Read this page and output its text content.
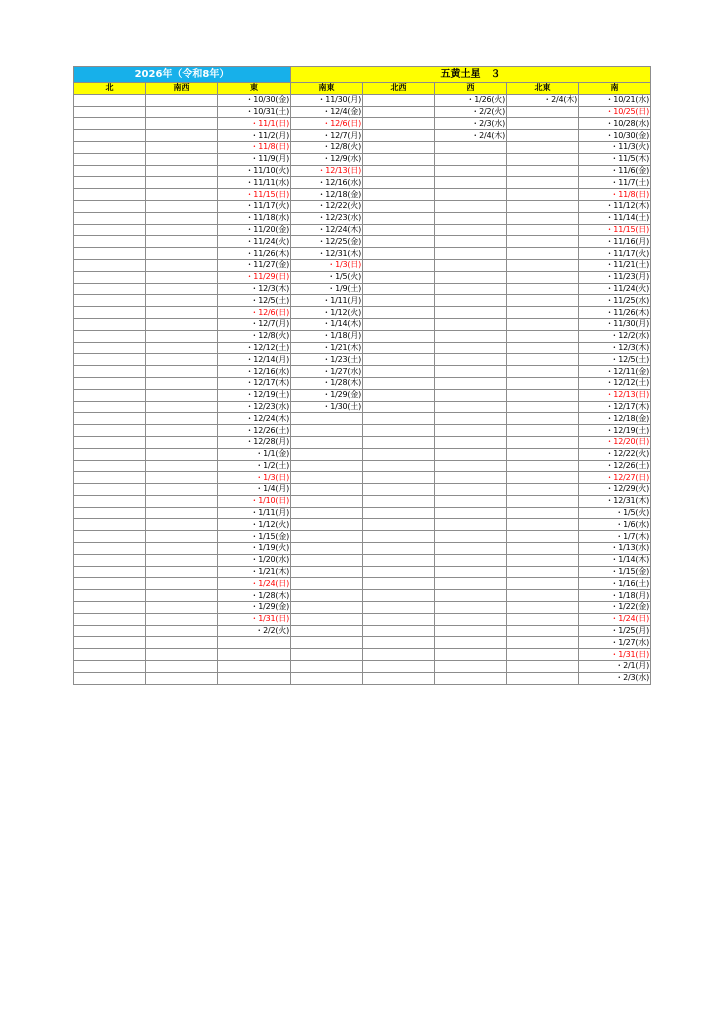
2026年（令和8年）			五黄土星　３				
北	南西	東	南東	北西	西	北東	南
		・10/30(金)	・11/30(月)		・1/26(火)	・2/4(木)	・10/21(水)
		・10/31(土)	・12/4(金)		・2/2(火)		・10/25(日)
		・11/1(日)	・12/6(日)		・2/3(水)		・10/28(水)
		・11/2(月)	・12/7(月)		・2/4(木)		・10/30(金)
		・11/8(日)	・12/8(火)				・11/3(火)
		・11/9(月)	・12/9(水)				・11/5(木)
		・11/10(火)	・12/13(日)				・11/6(金)
		・11/11(水)	・12/16(水)				・11/7(土)
		・11/15(日)	・12/18(金)				・11/8(日)
		・11/17(火)	・12/22(火)				・11/12(木)
		・11/18(水)	・12/23(水)				・11/14(土)
		・11/20(金)	・12/24(木)				・11/15(日)
		・11/24(火)	・12/25(金)				・11/16(月)
		・11/26(木)	・12/31(木)				・11/17(火)
		・11/27(金)	・1/3(日)				・11/21(土)
		・11/29(日)	・1/5(火)				・11/23(月)
		・12/3(木)	・1/9(土)				・11/24(火)
		・12/5(土)	・1/11(月)				・11/25(水)
		・12/6(日)	・1/12(火)				・11/26(木)
		・12/7(月)	・1/14(木)				・11/30(月)
		・12/8(火)	・1/18(月)				・12/2(水)
		・12/12(土)	・1/21(木)				・12/3(木)
		・12/14(月)	・1/23(土)				・12/5(土)
		・12/16(水)	・1/27(水)				・12/11(金)
		・12/17(木)	・1/28(木)				・12/12(土)
		・12/19(土)	・1/29(金)				・12/13(日)
		・12/23(水)	・1/30(土)				・12/17(木)
		・12/24(木)					・12/18(金)
		・12/26(土)					・12/19(土)
		・12/28(月)					・12/20(日)
		・1/1(金)					・12/22(火)
		・1/2(土)					・12/26(土)
		・1/3(日)					・12/27(日)
		・1/4(月)					・12/29(火)
		・1/10(日)					・12/31(木)
		・1/11(月)					・1/5(火)
		・1/12(火)					・1/6(水)
		・1/15(金)					・1/7(木)
		・1/19(火)					・1/13(水)
		・1/20(水)					・1/14(木)
		・1/21(木)					・1/15(金)
		・1/24(日)					・1/16(土)
		・1/28(木)					・1/18(月)
		・1/29(金)					・1/22(金)
		・1/31(日)					・1/24(日)
		・2/2(火)					・1/25(月)
							・1/27(水)
							・1/31(日)
							・2/1(月)
							・2/3(水)
